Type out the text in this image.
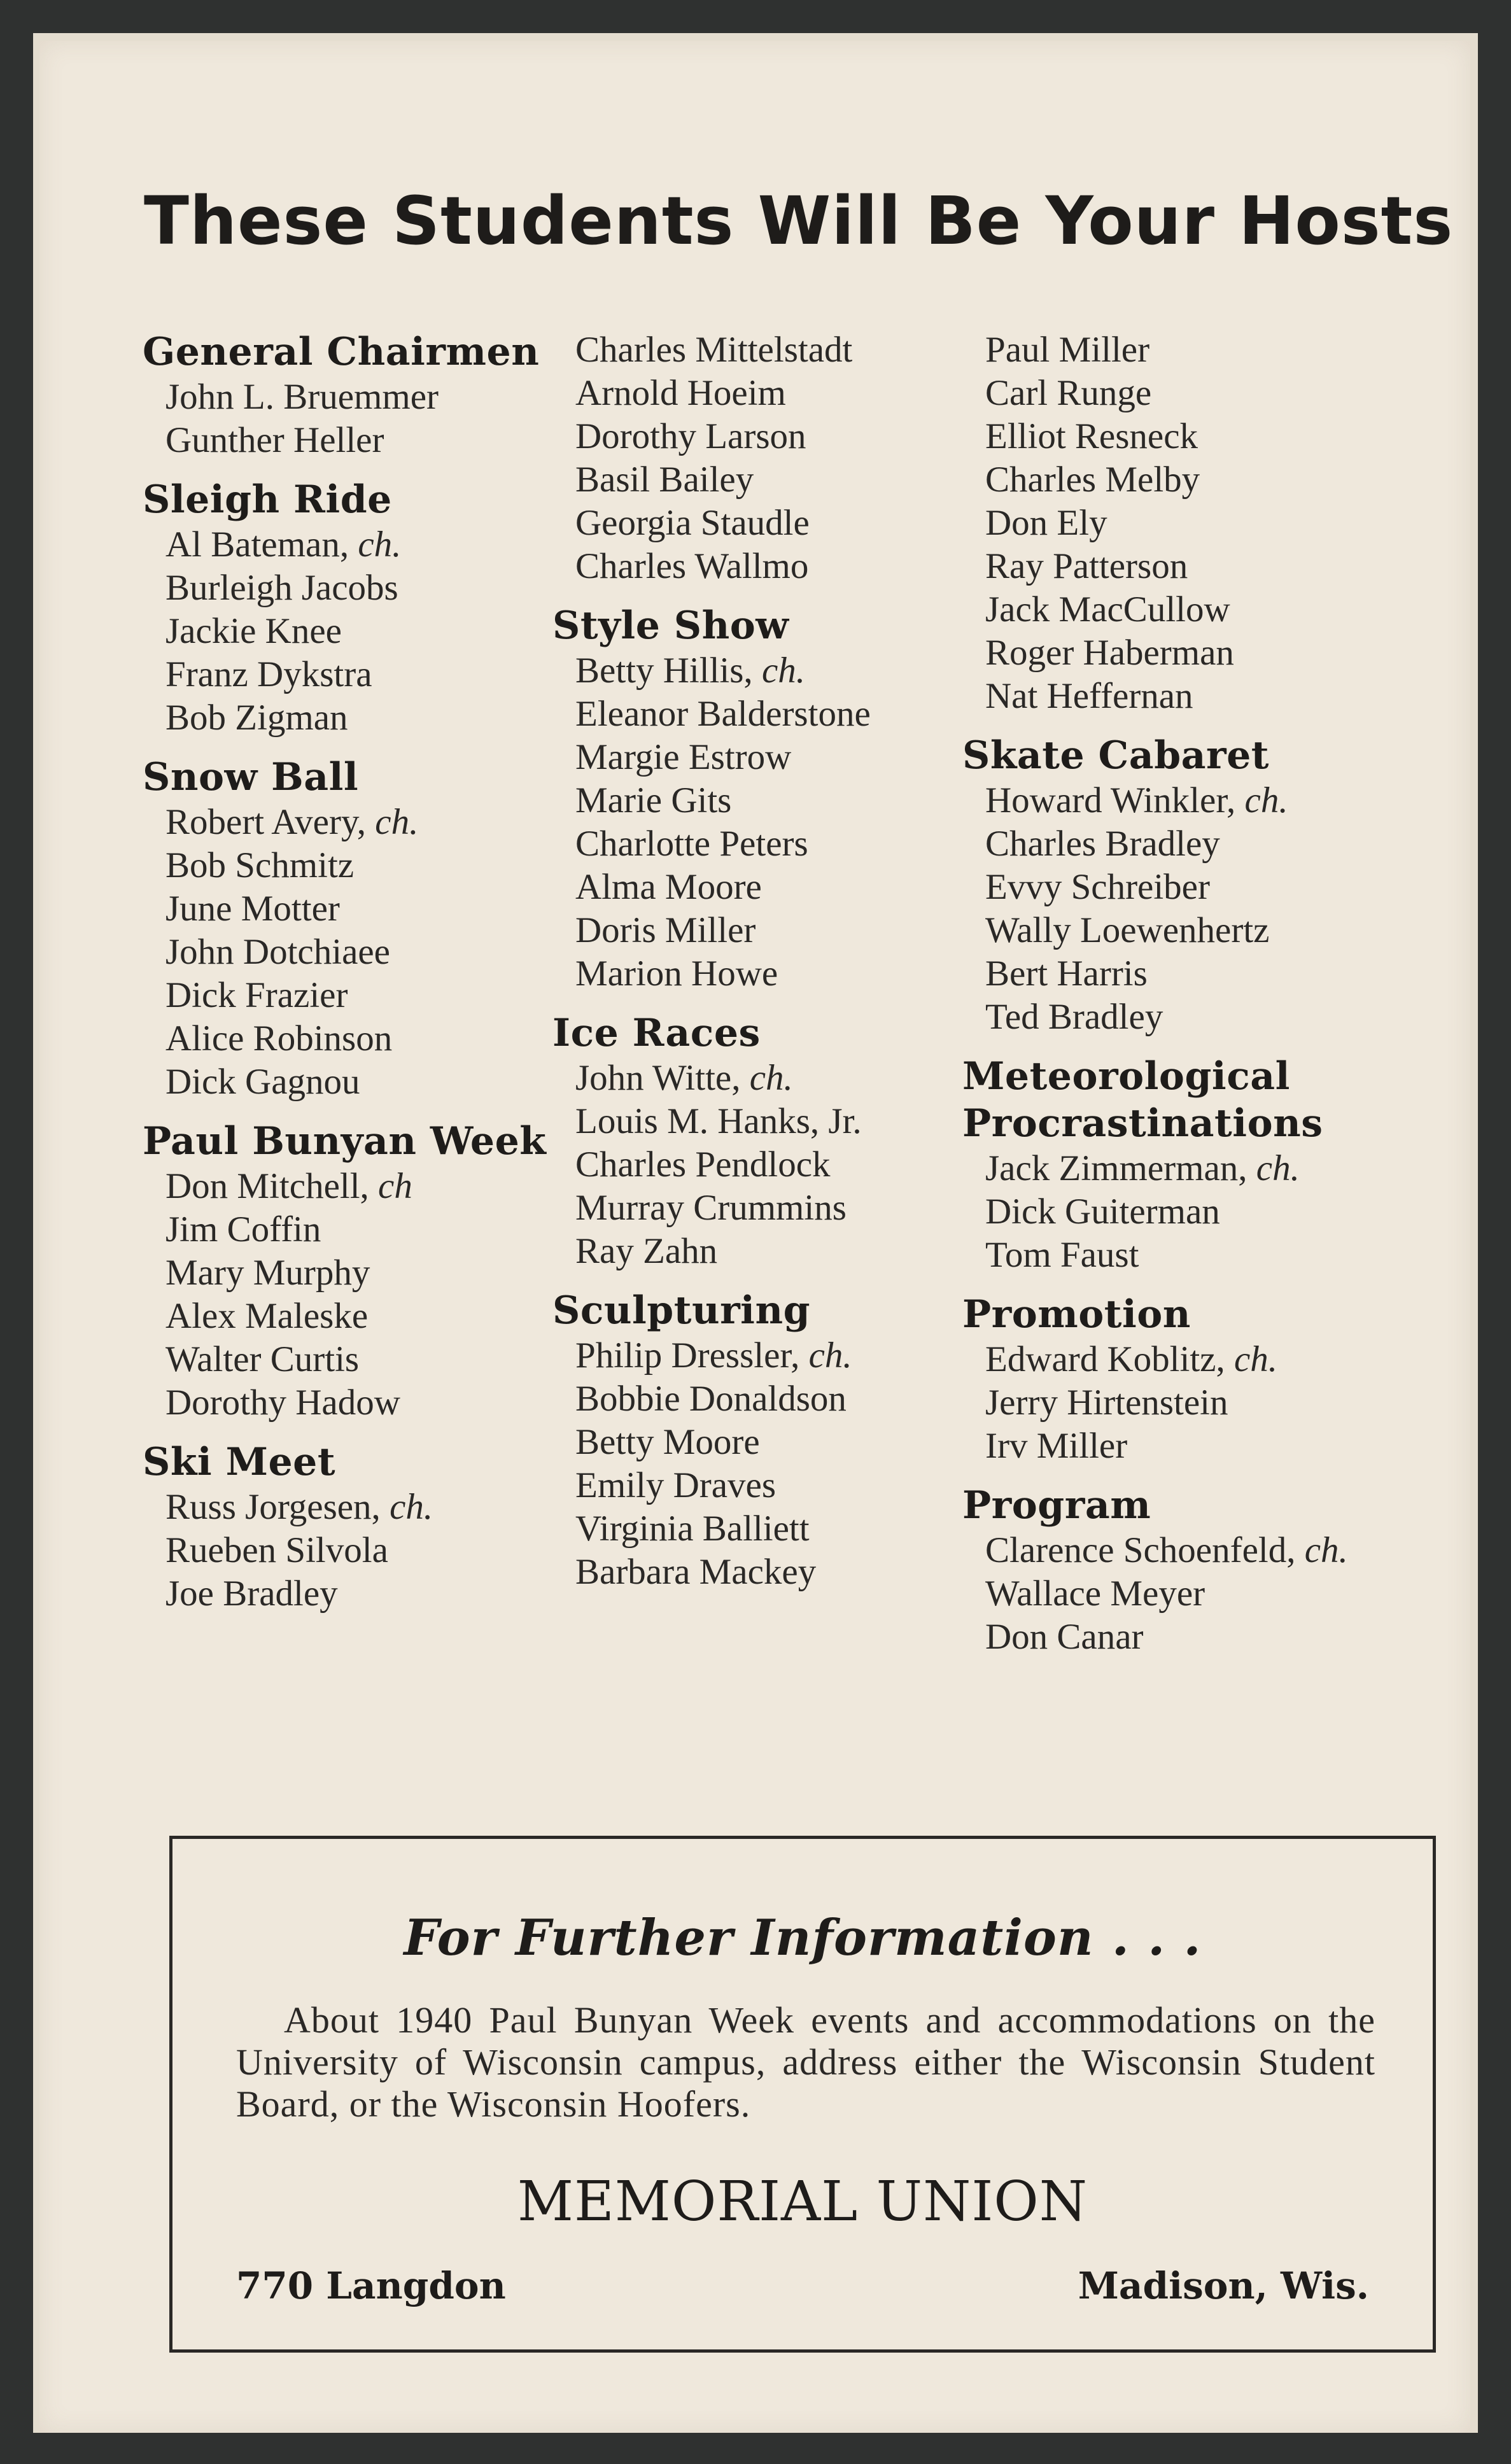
These Students Will Be Your Hosts
General Chairmen
John L. Bruemmer
Gunther Heller
Sleigh Ride
Al Bateman, ch.
Burleigh Jacobs
Jackie Knee
Franz Dykstra
Bob Zigman
Snow Ball
Robert Avery, ch.
Bob Schmitz
June Motter
John Dotchiaee
Dick Frazier
Alice Robinson
Dick Gagnou
Paul Bunyan Week
Don Mitchell, ch
Jim Coffin
Mary Murphy
Alex Maleske
Walter Curtis
Dorothy Hadow
Ski Meet
Russ Jorgesen, ch.
Rueben Silvola
Joe Bradley
Charles Mittelstadt
Arnold Hoeim
Dorothy Larson
Basil Bailey
Georgia Staudle
Charles Wallmo
Style Show
Betty Hillis, ch.
Eleanor Balderstone
Margie Estrow
Marie Gits
Charlotte Peters
Alma Moore
Doris Miller
Marion Howe
Ice Races
John Witte, ch.
Louis M. Hanks, Jr.
Charles Pendlock
Murray Crummins
Ray Zahn
Sculpturing
Philip Dressler, ch.
Bobbie Donaldson
Betty Moore
Emily Draves
Virginia Balliett
Barbara Mackey
Paul Miller
Carl Runge
Elliot Resneck
Charles Melby
Don Ely
Ray Patterson
Jack MacCullow
Roger Haberman
Nat Heffernan
Skate Cabaret
Howard Winkler, ch.
Charles Bradley
Evvy Schreiber
Wally Loewenhertz
Bert Harris
Ted Bradley
Meteorological
Procrastinations
Jack Zimmerman, ch.
Dick Guiterman
Tom Faust
Promotion
Edward Koblitz, ch.
Jerry Hirtenstein
Irv Miller
Program
Clarence Schoenfeld, ch.
Wallace Meyer
Don Canar
For Further Information . . .
About 1940 Paul Bunyan Week events and accommodations on the University of Wisconsin campus, address either the Wisconsin Student Board, or the Wisconsin Hoofers.
MEMORIAL UNION
770 Langdon	Madison, Wis.
